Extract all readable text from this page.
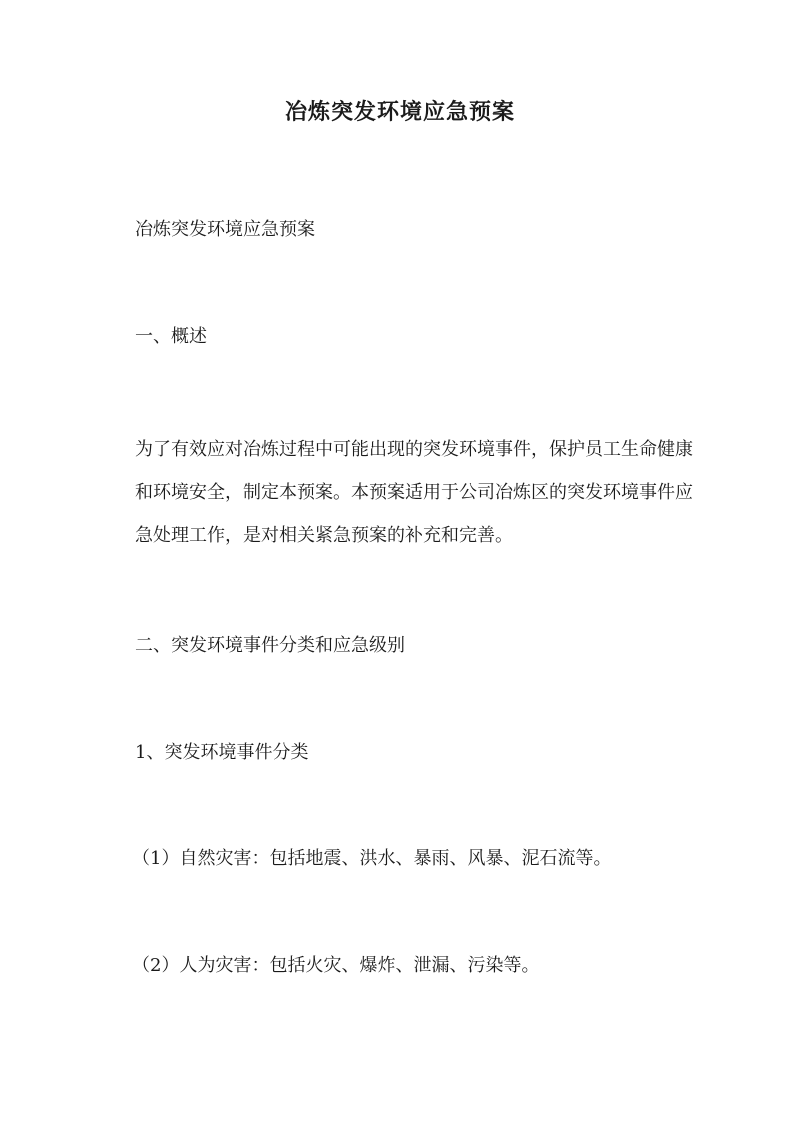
冶炼突发环境应急预案

冶炼突发环境应急预案

一、概述

为了有效应对冶炼过程中可能出现的突发环境事件，保护员工生命健康和环境安全，制定本预案。本预案适用于公司冶炼区的突发环境事件应急处理工作，是对相关紧急预案的补充和完善。

二、突发环境事件分类和应急级别

1、突发环境事件分类

（1）自然灾害：包括地震、洪水、暴雨、风暴、泥石流等。

（2）人为灾害：包括火灾、爆炸、泄漏、污染等。
